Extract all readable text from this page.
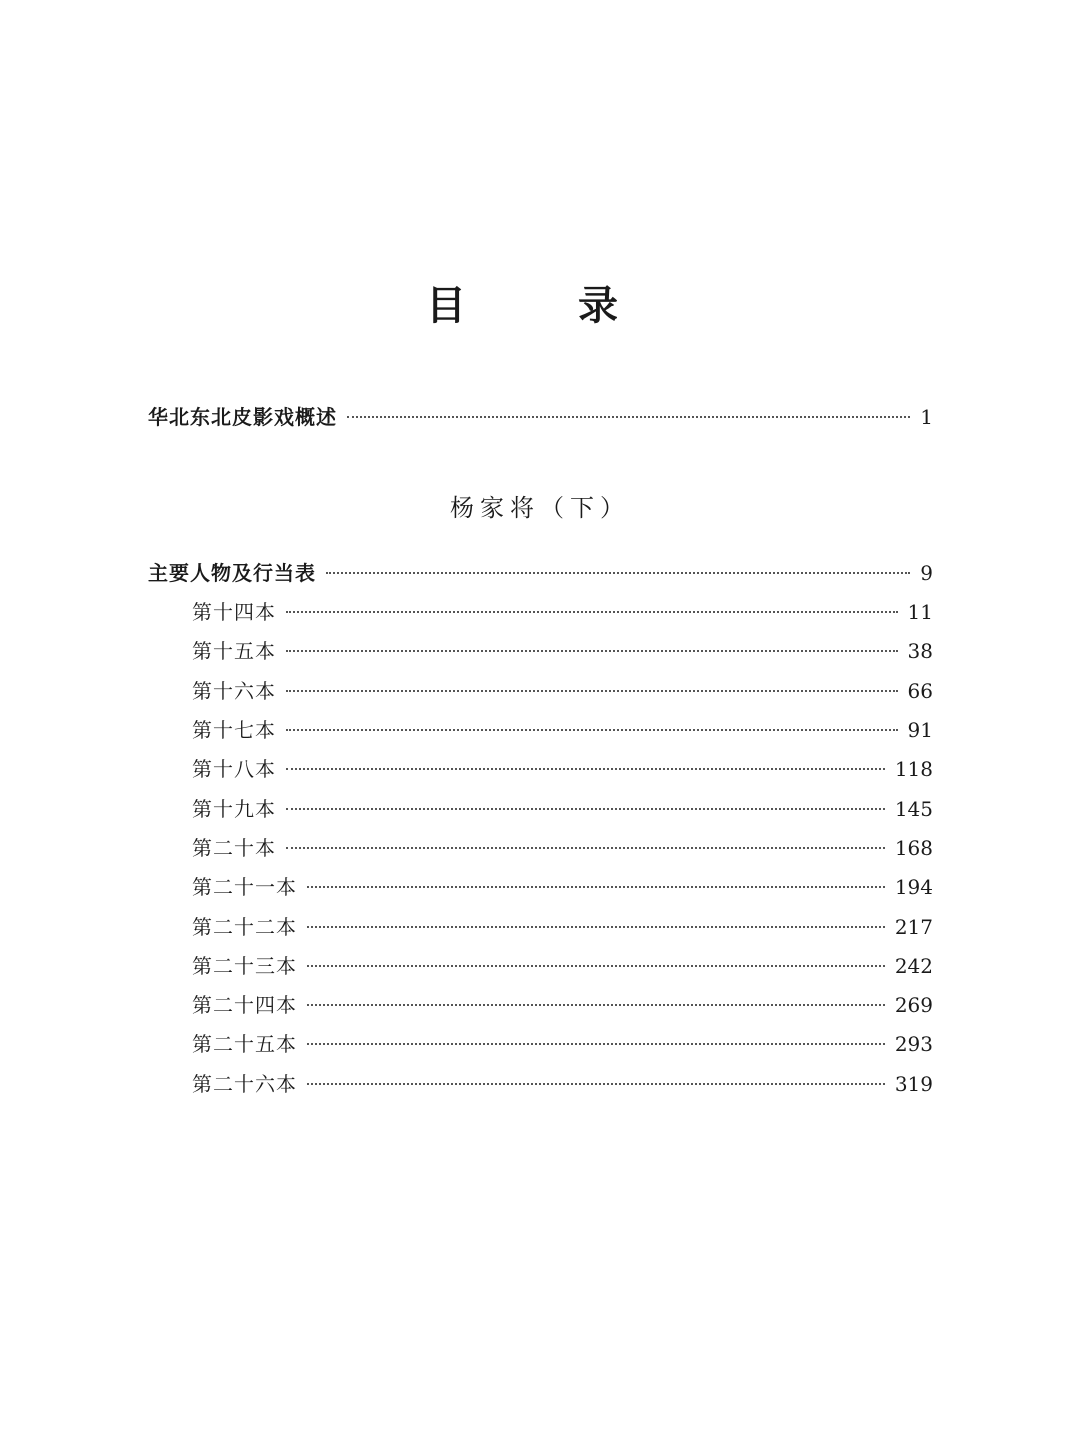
目　录
华北东北皮影戏概述	1
杨家将（下）
主要人物及行当表	9
第十四本	11
第十五本	38
第十六本	66
第十七本	91
第十八本	118
第十九本	145
第二十本	168
第二十一本	194
第二十二本	217
第二十三本	242
第二十四本	269
第二十五本	293
第二十六本	319
